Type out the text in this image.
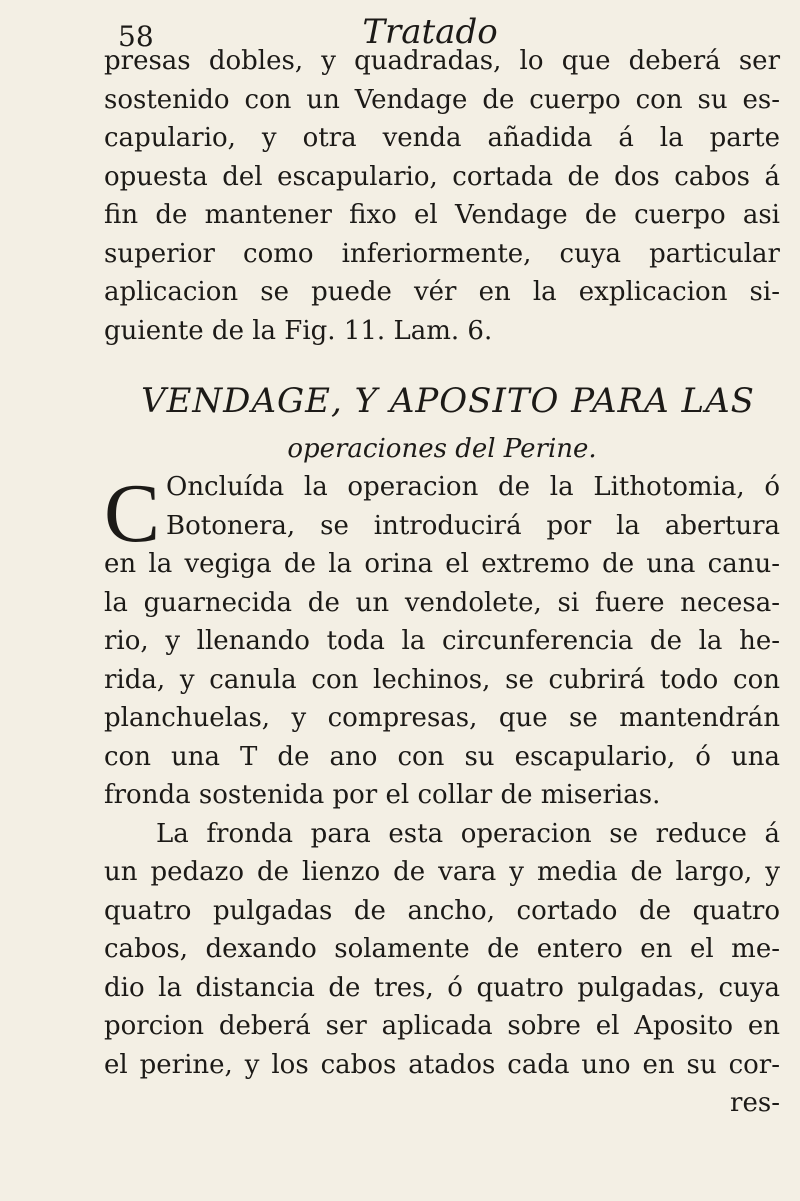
58	Tratado
presas dobles, y quadradas, lo que deberá ser
sostenido con un Vendage de cuerpo con su es-
capulario, y otra venda añadida á la parte
opuesta del escapulario, cortada de dos cabos á
fin de mantener fixo el Vendage de cuerpo asi
superior como inferiormente, cuya particular
aplicacion se puede vér en la explicacion si-
guiente de la Fig. 11. Lam. 6.
VENDAGE, Y APOSITO PARA LAS
operaciones del Perine.
C Oncluída la operacion de la Lithotomia, ó
Botonera, se introducirá por la abertura
en la vegiga de la orina el extremo de una canu-
la guarnecida de un vendolete, si fuere necesa-
rio, y llenando toda la circunferencia de la he-
rida, y canula con lechinos, se cubrirá todo con
planchuelas, y compresas, que se mantendrán
con una T de ano con su escapulario, ó una
fronda sostenida por el collar de miserias.
La fronda para esta operacion se reduce á
un pedazo de lienzo de vara y media de largo, y
quatro pulgadas de ancho, cortado de quatro
cabos, dexando solamente de entero en el me-
dio la distancia de tres, ó quatro pulgadas, cuya
porcion deberá ser aplicada sobre el Aposito en
el perine, y los cabos atados cada uno en su cor-
res-
